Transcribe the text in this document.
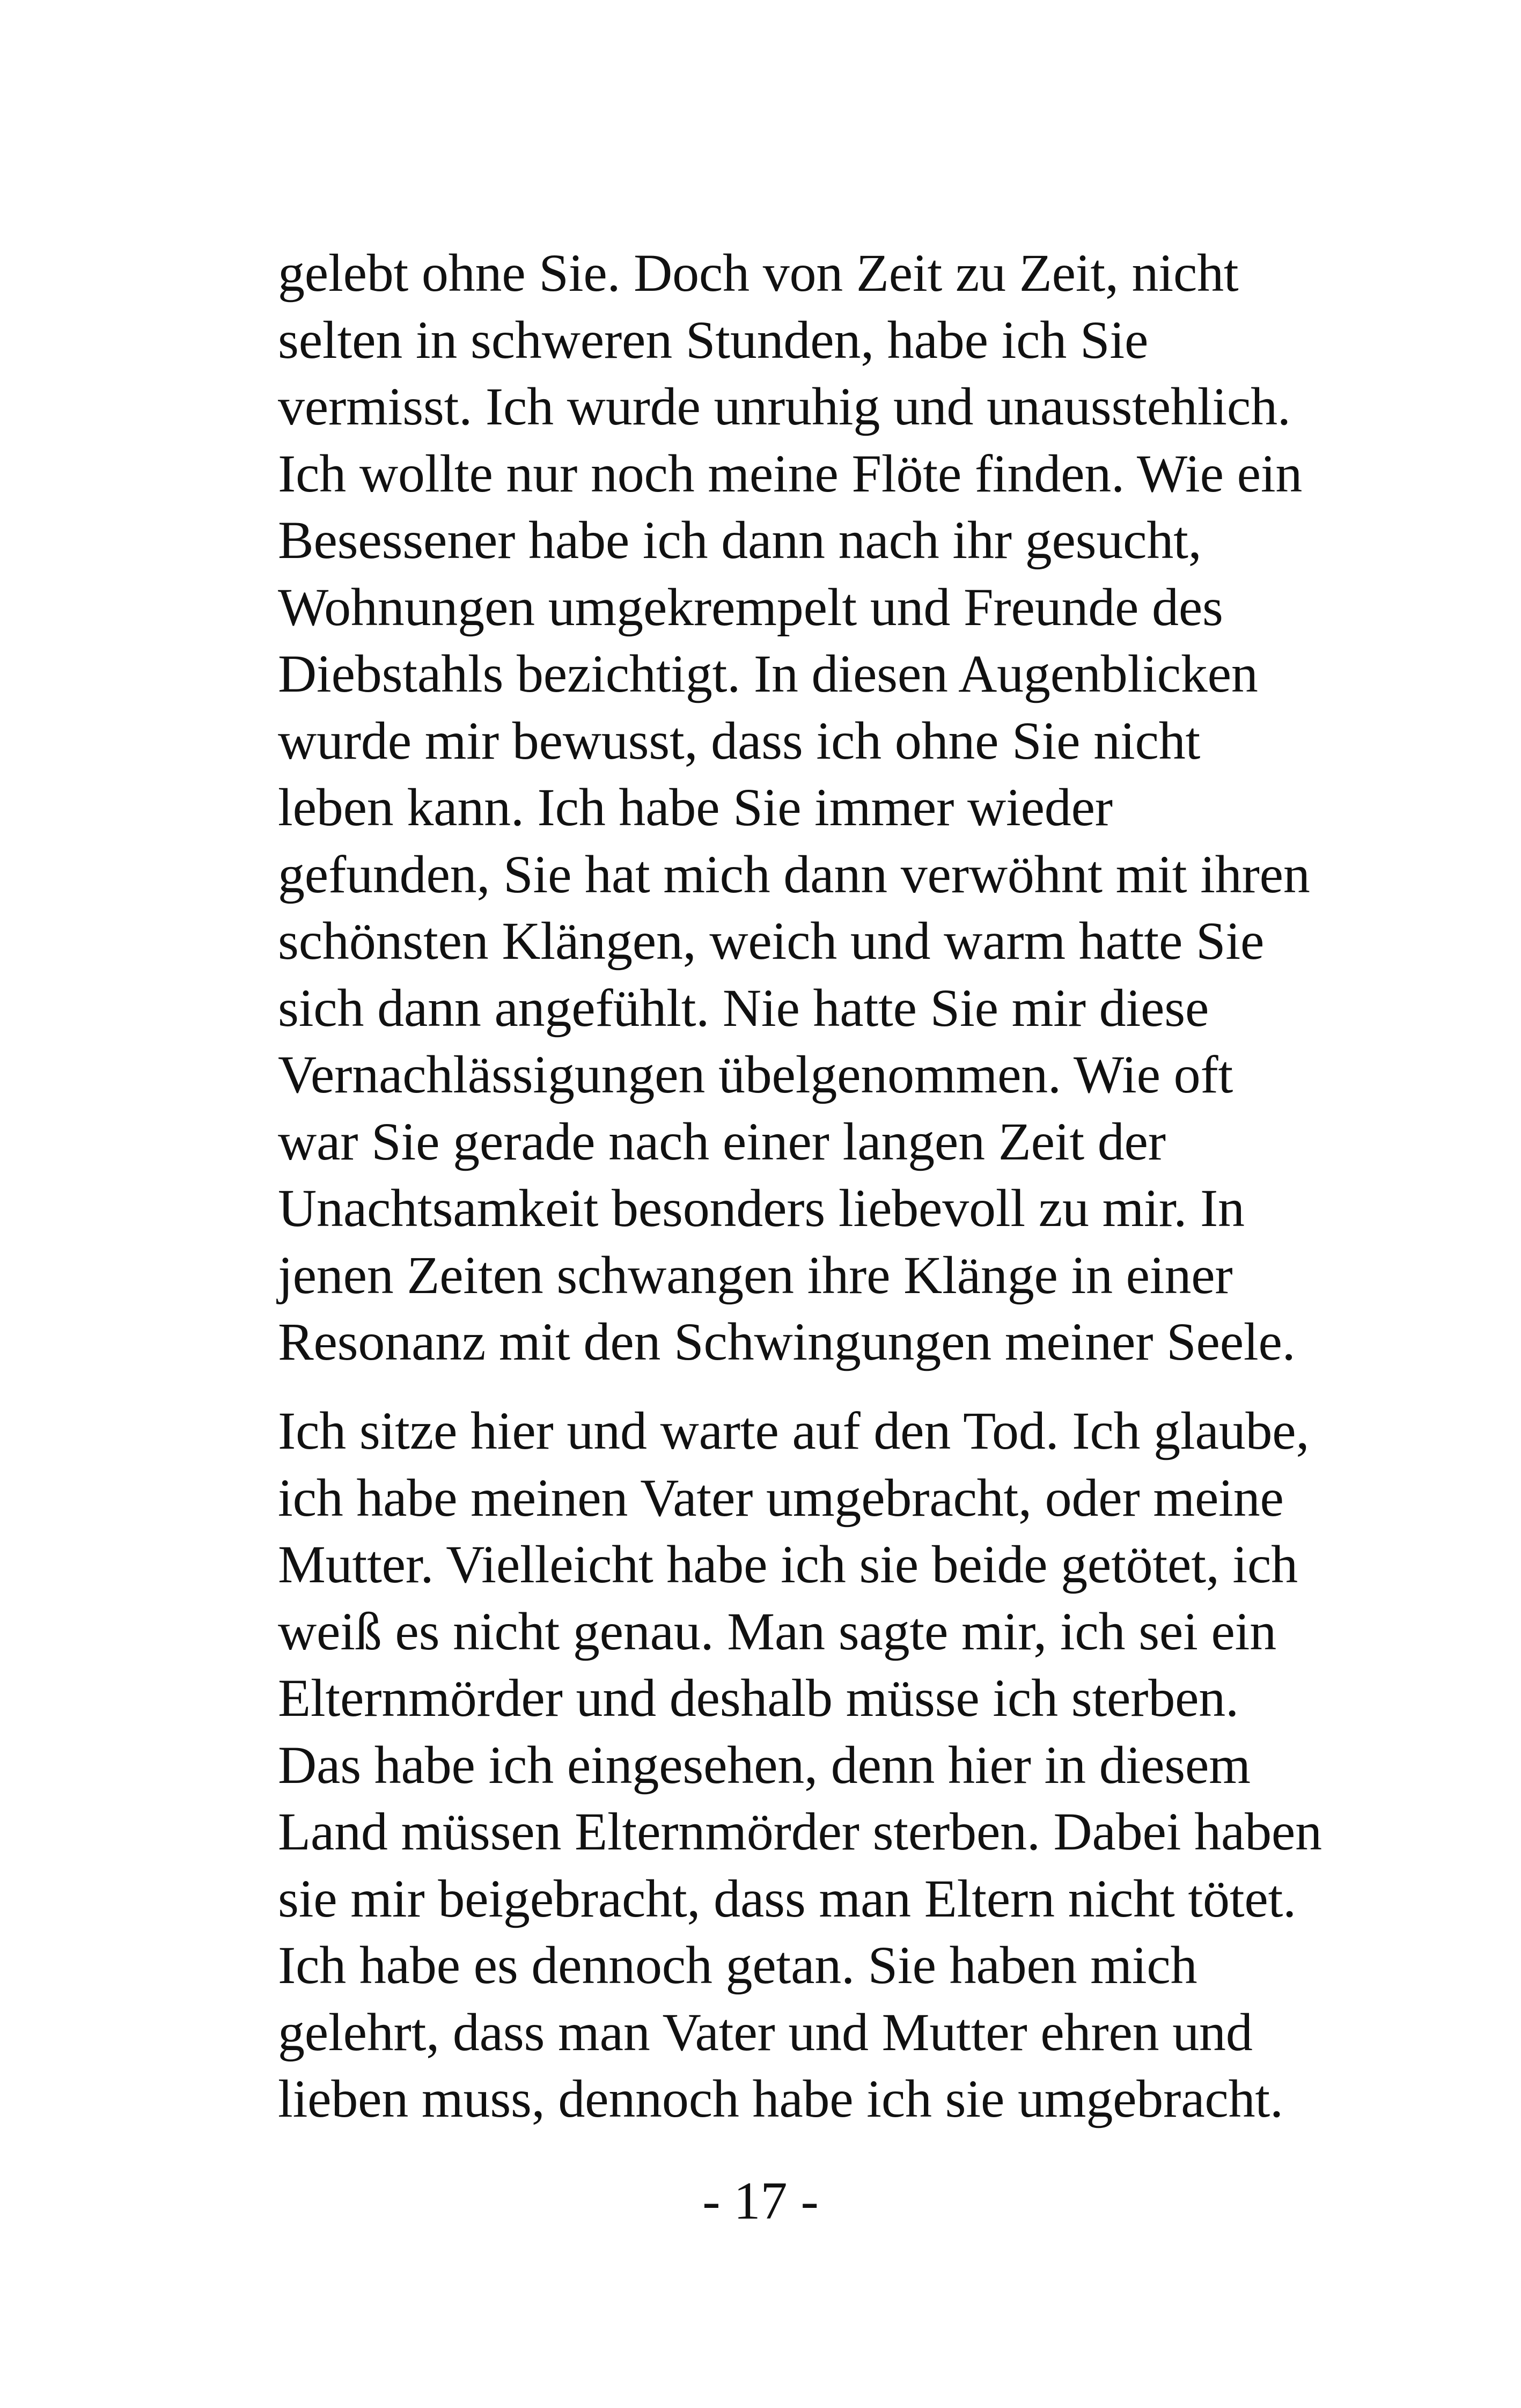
gelebt ohne Sie. Doch von Zeit zu Zeit, nicht
selten in schweren Stunden, habe ich Sie
vermisst. Ich wurde unruhig und unausstehlich.
Ich wollte nur noch meine Flöte finden. Wie ein
Besessener habe ich dann nach ihr gesucht,
Wohnungen umgekrempelt und Freunde des
Diebstahls bezichtigt. In diesen Augenblicken
wurde mir bewusst, dass ich ohne Sie nicht
leben kann. Ich habe Sie immer wieder
gefunden, Sie hat mich dann verwöhnt mit ihren
schönsten Klängen, weich und warm hatte Sie
sich dann angefühlt. Nie hatte Sie mir diese
Vernachlässigungen übelgenommen. Wie oft
war Sie gerade nach einer langen Zeit der
Unachtsamkeit besonders liebevoll zu mir. In
jenen Zeiten schwangen ihre Klänge in einer
Resonanz mit den Schwingungen meiner Seele.
Ich sitze hier und warte auf den Tod. Ich glaube,
ich habe meinen Vater umgebracht, oder meine
Mutter. Vielleicht habe ich sie beide getötet, ich
weiß es nicht genau. Man sagte mir, ich sei ein
Elternmörder und deshalb müsse ich sterben.
Das habe ich eingesehen, denn hier in diesem
Land müssen Elternmörder sterben. Dabei haben
sie mir beigebracht, dass man Eltern nicht tötet.
Ich habe es dennoch getan. Sie haben mich
gelehrt, dass man Vater und Mutter ehren und
lieben muss, dennoch habe ich sie umgebracht.
- 17 -
